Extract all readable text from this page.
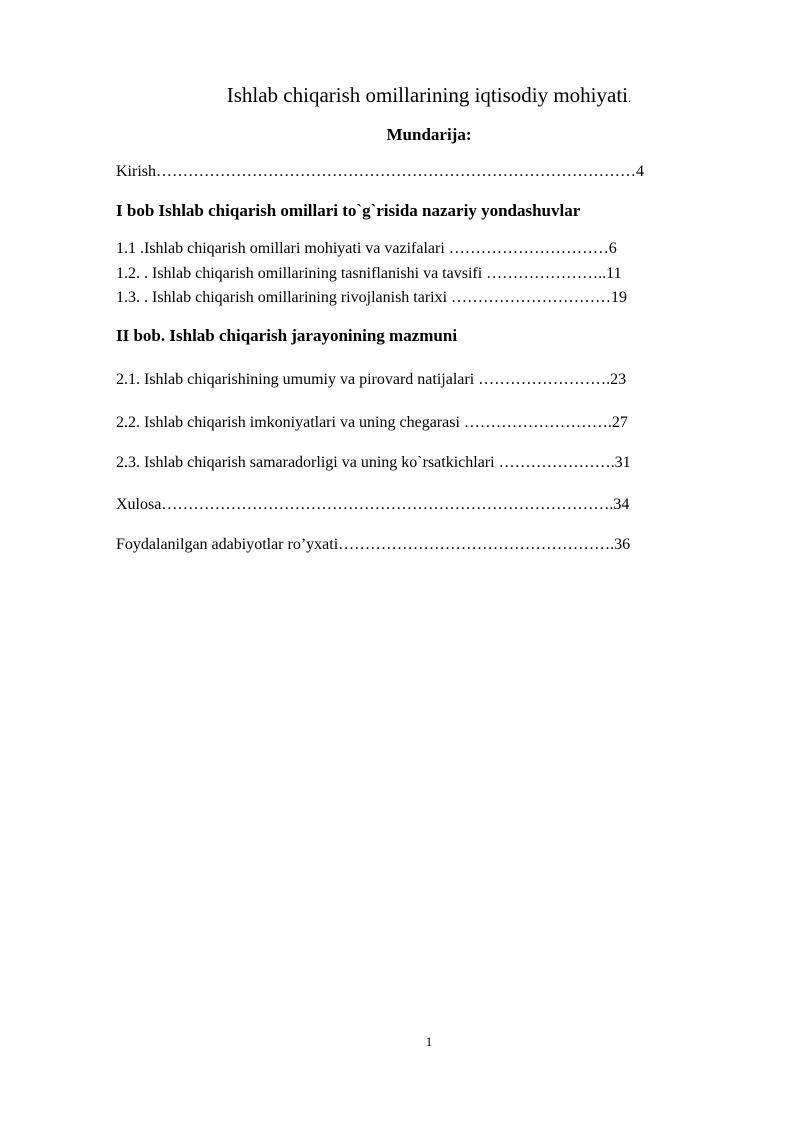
Ishlab chiqarish omillarining iqtisodiy mohiyati.
Mundarija:
Kirish………………………………………………………………………………4
I bob Ishlab chiqarish omillari to`g`risida nazariy yondashuvlar
1.1 .Ishlab chiqarish omillari mohiyati va vazifalari …………………………6
1.2. . Ishlab chiqarish omillarining tasniflanishi va tavsifi …………………..11
1.3. . Ishlab chiqarish omillarining rivojlanish tarixi …………………………19
II bob. Ishlab chiqarish jarayonining mazmuni
2.1. Ishlab chiqarishining umumiy va pirovard natijalari …………………….23
2.2. Ishlab chiqarish imkoniyatlari va uning chegarasi ……………………….27
2.3. Ishlab chiqarish samaradorligi va uning ko`rsatkichlari ………………….31
Xulosa………………………………………………………………………….34
Foydalanilgan adabiyotlar ro’yxati…………………………………………….36
1
